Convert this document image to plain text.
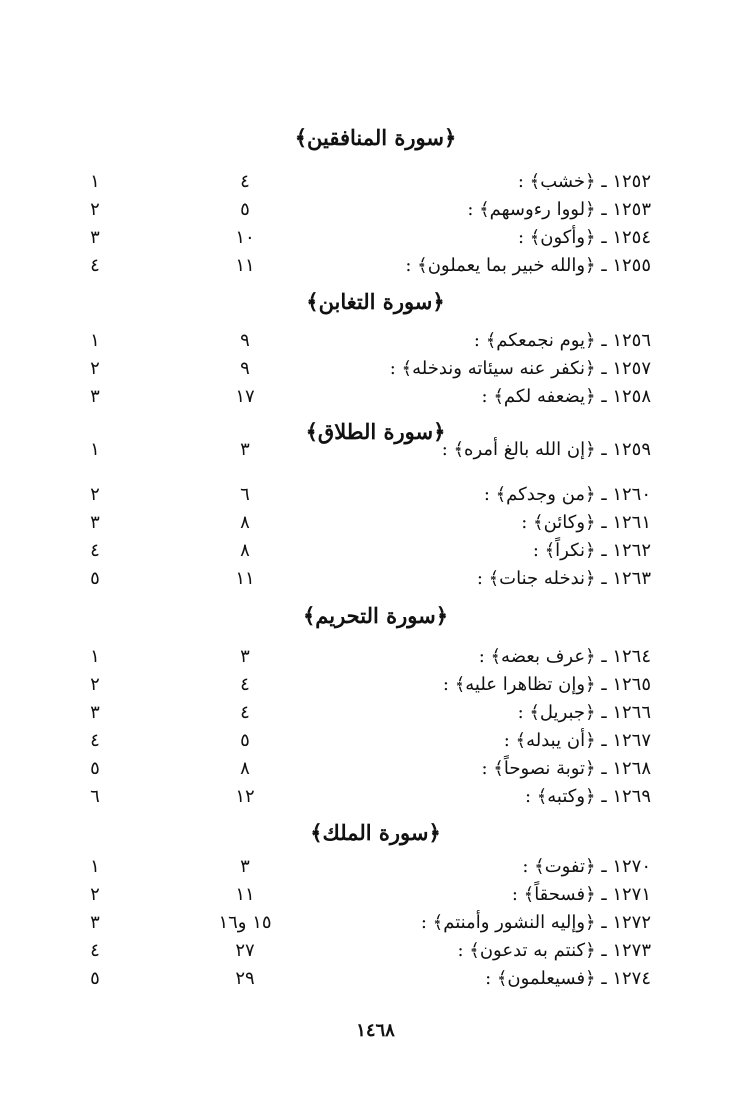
﴿سورة المنافقين﴾
١٢٥٢ ـ ﴿خشب﴾ :
٤
١
١٢٥٣ ـ ﴿لووا رءوسهم﴾ :
٥
٢
١٢٥٤ ـ ﴿وأكون﴾ :
١٠
٣
١٢٥٥ ـ ﴿والله خبير بما يعملون﴾ :
١١
٤
﴿سورة التغابن﴾
١٢٥٦ ـ ﴿يوم نجمعكم﴾ :
٩
١
١٢٥٧ ـ ﴿نكفر عنه سيئاته وندخله﴾ :
٩
٢
١٢٥٨ ـ ﴿يضعفه لكم﴾ :
١٧
٣
﴿سورة الطلاق﴾
١٢٥٩ ـ ﴿إن الله بالغ أمره﴾ :
٣
١
١٢٦٠ ـ ﴿من وجدكم﴾ :
٦
٢
١٢٦١ ـ ﴿وكائن﴾ :
٨
٣
١٢٦٢ ـ ﴿نكراً﴾ :
٨
٤
١٢٦٣ ـ ﴿ندخله جنات﴾ :
١١
٥
﴿سورة التحريم﴾
١٢٦٤ ـ ﴿عرف بعضه﴾ :
٣
١
١٢٦٥ ـ ﴿وإن تظاهرا عليه﴾ :
٤
٢
١٢٦٦ ـ ﴿جبريل﴾ :
٤
٣
١٢٦٧ ـ ﴿أن يبدله﴾ :
٥
٤
١٢٦٨ ـ ﴿توبة نصوحاً﴾ :
٨
٥
١٢٦٩ ـ ﴿وكتبه﴾ :
١٢
٦
﴿سورة الملك﴾
١٢٧٠ ـ ﴿تفوت﴾ :
٣
١
١٢٧١ ـ ﴿فسحقاً﴾ :
١١
٢
١٢٧٢ ـ ﴿وإليه النشور وأمنتم﴾ :
١٥ و١٦
٣
١٢٧٣ ـ ﴿كنتم به تدعون﴾ :
٢٧
٤
١٢٧٤ ـ ﴿فسيعلمون﴾ :
٢٩
٥
١٤٦٨
